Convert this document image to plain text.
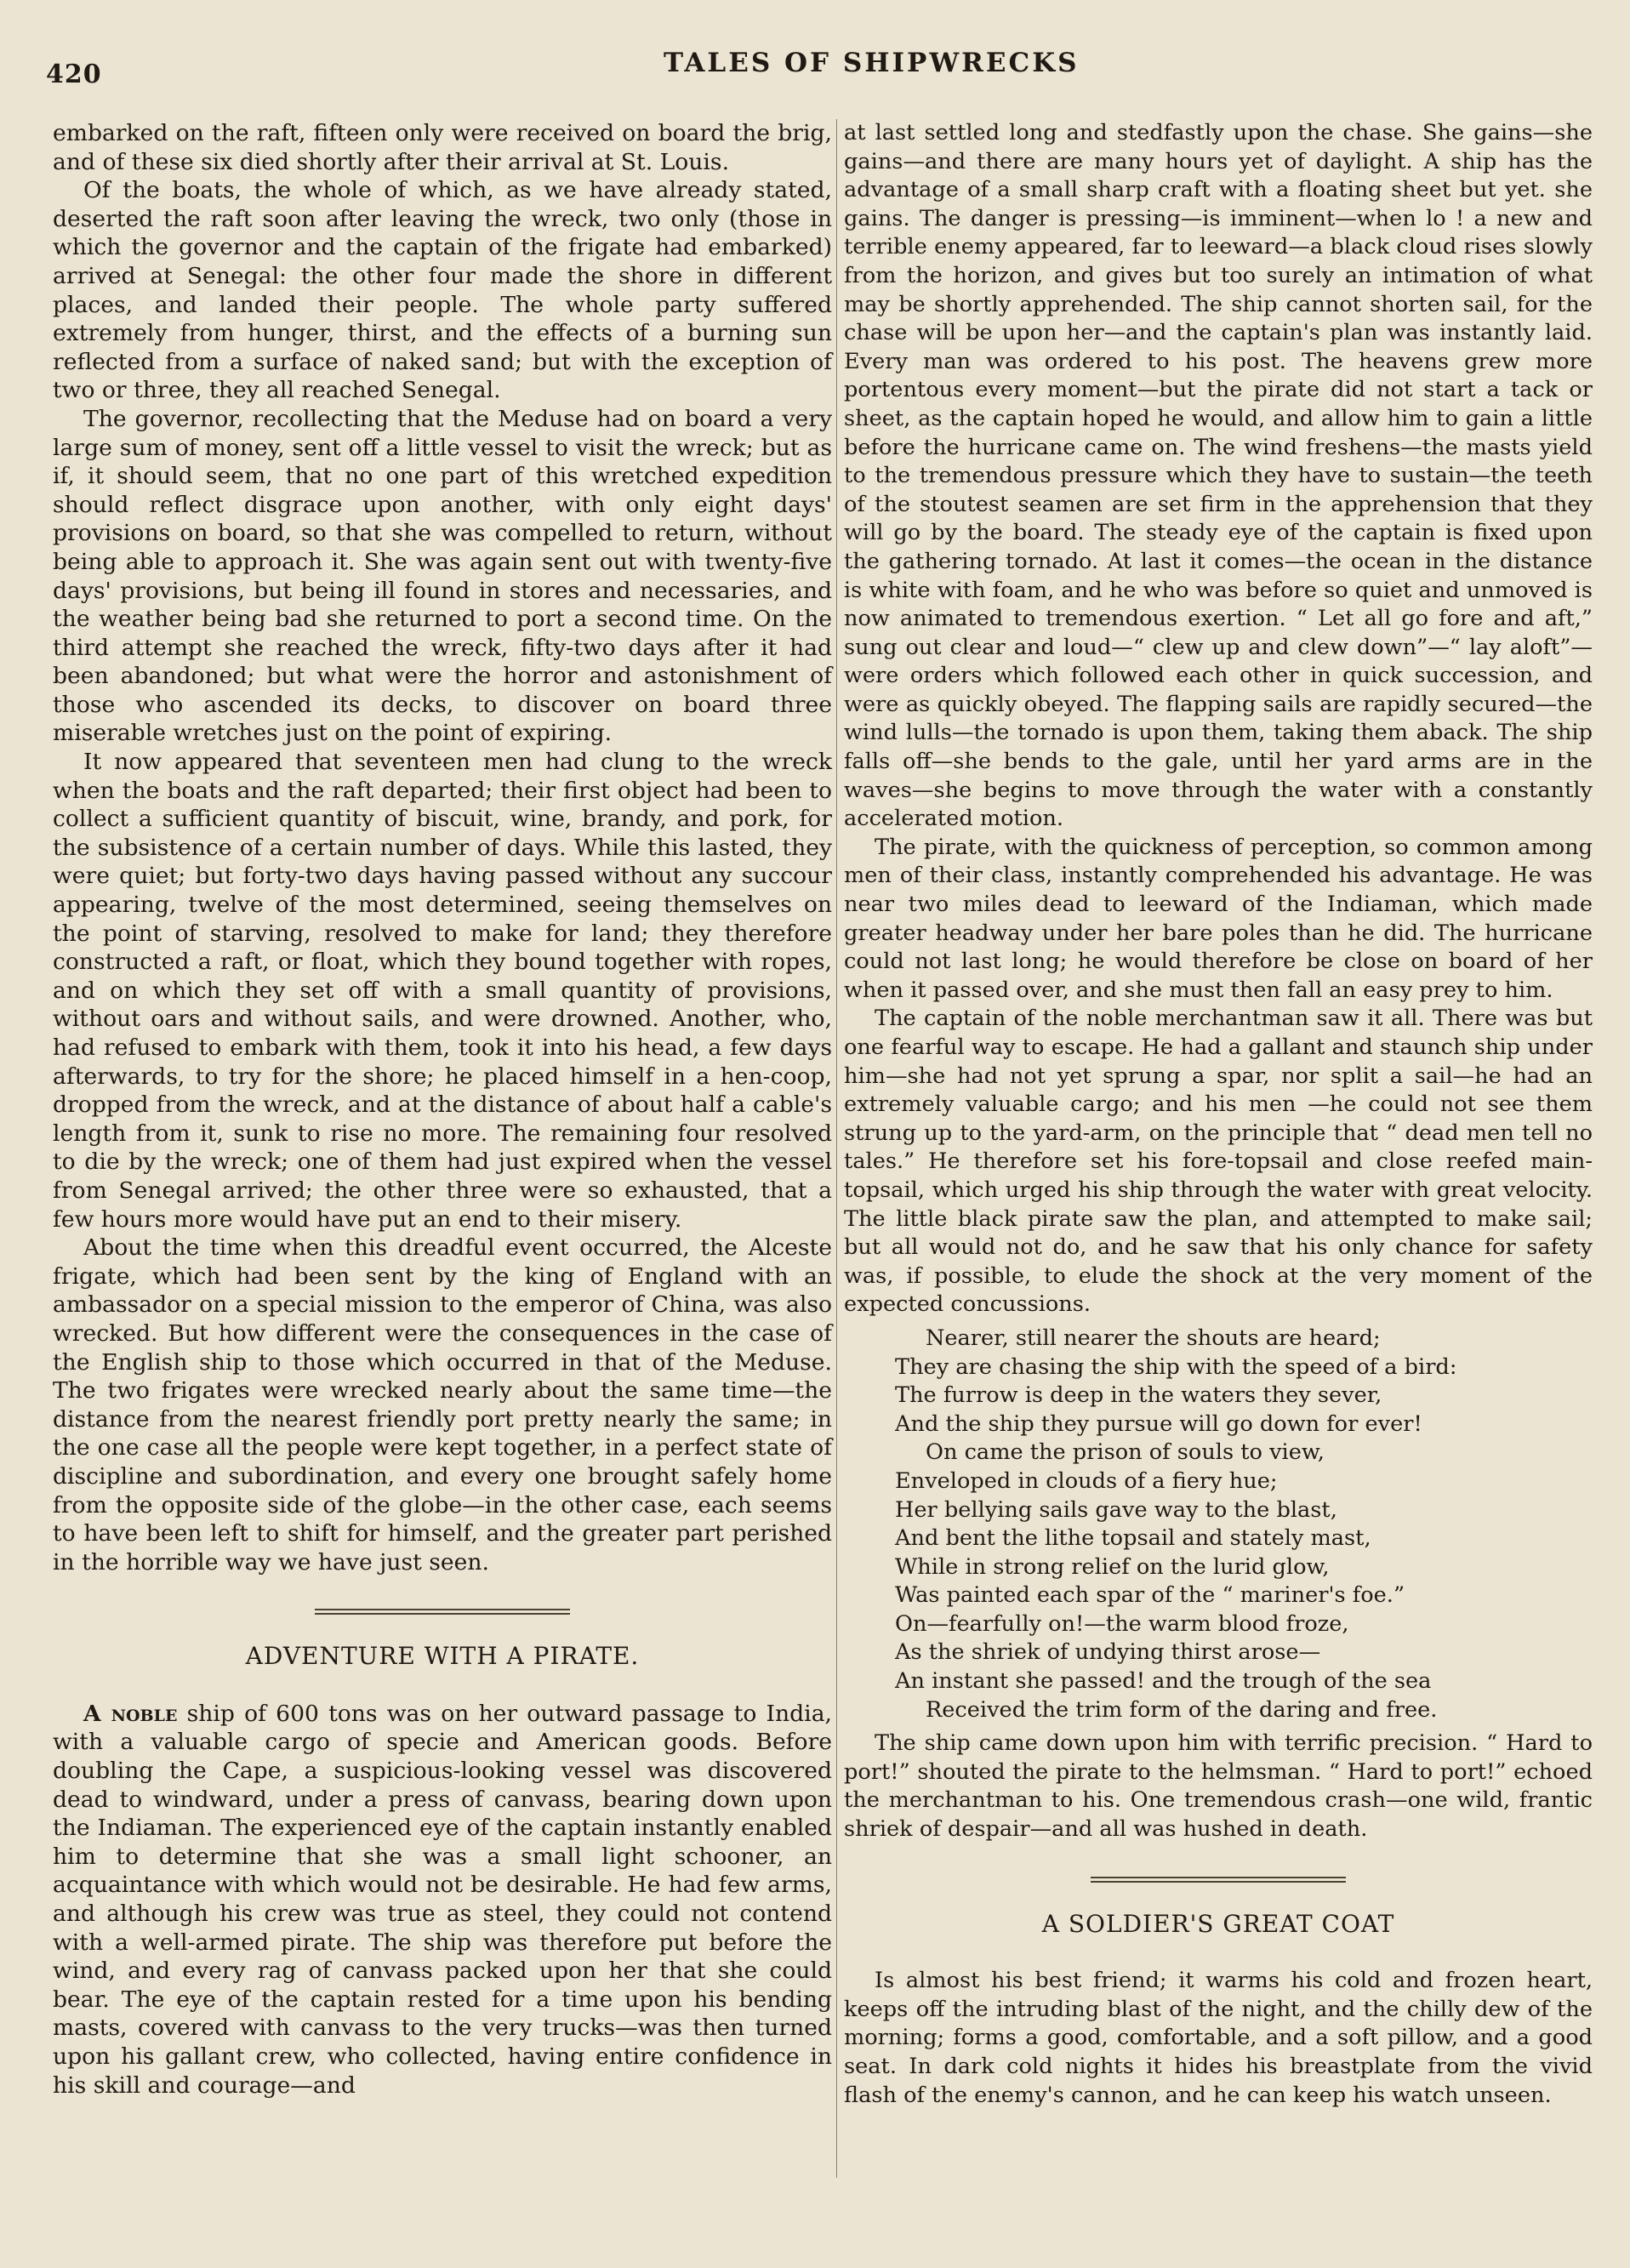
420	TALES OF SHIPWRECKS

embarked on the raft, fifteen only were received on board the brig, and of these six died shortly after their arrival at St. Louis.

Of the boats, the whole of which, as we have already stated, deserted the raft soon after leaving the wreck, two only (those in which the governor and the captain of the frigate had embarked) arrived at Senegal: the other four made the shore in different places, and landed their people. The whole party suffered extremely from hunger, thirst, and the effects of a burning sun reflected from a surface of naked sand; but with the exception of two or three, they all reached Senegal.

The governor, recollecting that the Meduse had on board a very large sum of money, sent off a little vessel to visit the wreck; but as if, it should seem, that no one part of this wretched expedition should reflect disgrace upon another, with only eight days' provisions on board, so that she was compelled to return, without being able to approach it. She was again sent out with twenty-five days' provisions, but being ill found in stores and necessaries, and the weather being bad she returned to port a second time. On the third attempt she reached the wreck, fifty-two days after it had been abandoned; but what were the horror and astonishment of those who ascended its decks, to discover on board three miserable wretches just on the point of expiring.

It now appeared that seventeen men had clung to the wreck when the boats and the raft departed; their first object had been to collect a sufficient quantity of biscuit, wine, brandy, and pork, for the subsistence of a certain number of days. While this lasted, they were quiet; but forty-two days having passed without any succour appearing, twelve of the most determined, seeing themselves on the point of starving, resolved to make for land; they therefore constructed a raft, or float, which they bound together with ropes, and on which they set off with a small quantity of provisions, without oars and without sails, and were drowned. Another, who, had refused to embark with them, took it into his head, a few days afterwards, to try for the shore; he placed himself in a hen-coop, dropped from the wreck, and at the distance of about half a cable's length from it, sunk to rise no more. The remaining four resolved to die by the wreck; one of them had just expired when the vessel from Senegal arrived; the other three were so exhausted, that a few hours more would have put an end to their misery.

About the time when this dreadful event occurred, the Alceste frigate, which had been sent by the king of England with an ambassador on a special mission to the emperor of China, was also wrecked. But how different were the consequences in the case of the English ship to those which occurred in that of the Meduse. The two frigates were wrecked nearly about the same time—the distance from the nearest friendly port pretty nearly the same; in the one case all the people were kept together, in a perfect state of discipline and subordination, and every one brought safely home from the opposite side of the globe—in the other case, each seems to have been left to shift for himself, and the greater part perished in the horrible way we have just seen.

ADVENTURE WITH A PIRATE.

A noble ship of 600 tons was on her outward passage to India, with a valuable cargo of specie and American goods. Before doubling the Cape, a suspicious-looking vessel was discovered dead to windward, under a press of canvass, bearing down upon the Indiaman. The experienced eye of the captain instantly enabled him to determine that she was a small light schooner, an acquaintance with which would not be desirable. He had few arms, and although his crew was true as steel, they could not contend with a well-armed pirate. The ship was therefore put before the wind, and every rag of canvass packed upon her that she could bear. The eye of the captain rested for a time upon his bending masts, covered with canvass to the very trucks—was then turned upon his gallant crew, who collected, having entire confidence in his skill and courage—and

at last settled long and stedfastly upon the chase. She gains—she gains—and there are many hours yet of daylight. A ship has the advantage of a small sharp craft with a floating sheet but yet. she gains. The danger is pressing—is imminent—when lo ! a new and terrible enemy appeared, far to leeward—a black cloud rises slowly from the horizon, and gives but too surely an intimation of what may be shortly apprehended. The ship cannot shorten sail, for the chase will be upon her—and the captain's plan was instantly laid. Every man was ordered to his post. The heavens grew more portentous every moment—but the pirate did not start a tack or sheet, as the captain hoped he would, and allow him to gain a little before the hurricane came on. The wind freshens—the masts yield to the tremendous pressure which they have to sustain—the teeth of the stoutest seamen are set firm in the apprehension that they will go by the board. The steady eye of the captain is fixed upon the gathering tornado. At last it comes—the ocean in the distance is white with foam, and he who was before so quiet and unmoved is now animated to tremendous exertion. “ Let all go fore and aft,” sung out clear and loud—“ clew up and clew down”—“ lay aloft”—were orders which followed each other in quick succession, and were as quickly obeyed. The flapping sails are rapidly secured—the wind lulls—the tornado is upon them, taking them aback. The ship falls off—she bends to the gale, until her yard arms are in the waves—she begins to move through the water with a constantly accelerated motion.

The pirate, with the quickness of perception, so common among men of their class, instantly comprehended his advantage. He was near two miles dead to leeward of the Indiaman, which made greater headway under her bare poles than he did. The hurricane could not last long; he would therefore be close on board of her when it passed over, and she must then fall an easy prey to him.

The captain of the noble merchantman saw it all. There was but one fearful way to escape. He had a gallant and staunch ship under him—she had not yet sprung a spar, nor split a sail—he had an extremely valuable cargo; and his men —he could not see them strung up to the yard-arm, on the principle that “ dead men tell no tales.” He therefore set his fore-topsail and close reefed main-topsail, which urged his ship through the water with great velocity. The little black pirate saw the plan, and attempted to make sail; but all would not do, and he saw that his only chance for safety was, if possible, to elude the shock at the very moment of the expected concussions.

Nearer, still nearer the shouts are heard;
They are chasing the ship with the speed of a bird:
The furrow is deep in the waters they sever,
And the ship they pursue will go down for ever!
On came the prison of souls to view,
Enveloped in clouds of a fiery hue;
Her bellying sails gave way to the blast,
And bent the lithe topsail and stately mast,
While in strong relief on the lurid glow,
Was painted each spar of the “ mariner's foe.”
On—fearfully on!—the warm blood froze,
As the shriek of undying thirst arose—
An instant she passed! and the trough of the sea
Received the trim form of the daring and free.

The ship came down upon him with terrific precision. “ Hard to port!” shouted the pirate to the helmsman. “ Hard to port!” echoed the merchantman to his. One tremendous crash—one wild, frantic shriek of despair—and all was hushed in death.

A SOLDIER'S GREAT COAT

Is almost his best friend; it warms his cold and frozen heart, keeps off the intruding blast of the night, and the chilly dew of the morning; forms a good, comfortable, and a soft pillow, and a good seat. In dark cold nights it hides his breastplate from the vivid flash of the enemy's cannon, and he can keep his watch unseen.
